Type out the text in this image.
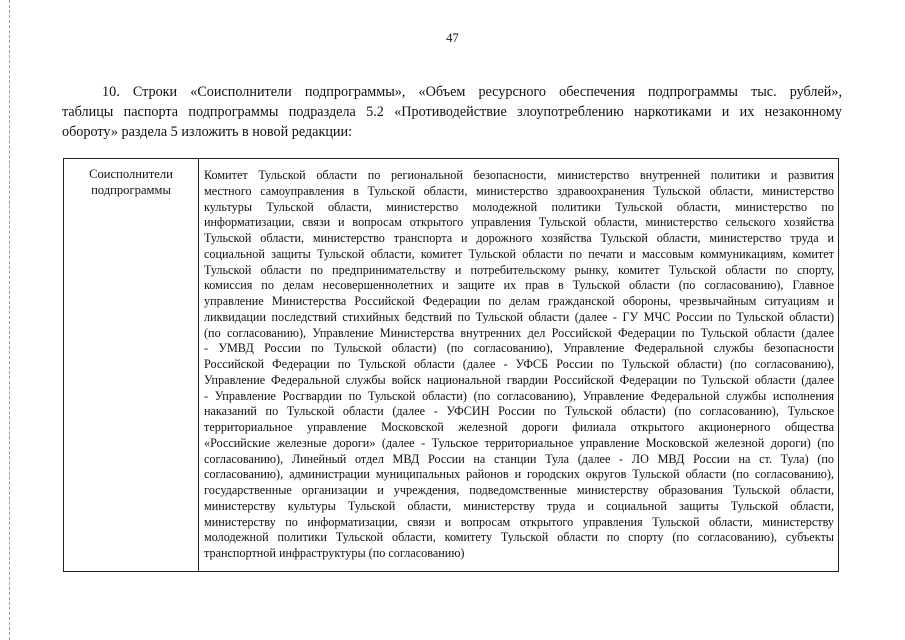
47
10. Строки «Соисполнители подпрограммы», «Объем ресурсного обеспечения подпрограммы тыс. рублей»,
таблицы паспорта подпрограммы подраздела 5.2 «Противодействие злоупотреблению наркотиками и их незаконному
обороту» раздела 5 изложить в новой редакции:
Соисполнители
подпрограммы
Комитет Тульской области по региональной безопасности, министерство внутренней политики и развития
местного самоуправления в Тульской области, министерство здравоохранения Тульской области, министерство
культуры Тульской области, министерство молодежной политики Тульской области, министерство по
информатизации, связи и вопросам открытого управления Тульской области, министерство сельского хозяйства
Тульской области, министерство транспорта и дорожного хозяйства Тульской области, министерство труда и
социальной защиты Тульской области, комитет Тульской области по печати и массовым коммуникациям, комитет
Тульской области по предпринимательству и потребительскому рынку, комитет Тульской области по спорту,
комиссия по делам несовершеннолетних и защите их прав в Тульской области (по согласованию), Главное
управление Министерства Российской Федерации по делам гражданской обороны, чрезвычайным ситуациям и
ликвидации последствий стихийных бедствий по Тульской области (далее - ГУ МЧС России по Тульской области)
(по согласованию), Управление Министерства внутренних дел Российской Федерации по Тульской области (далее
- УМВД России по Тульской области) (по согласованию), Управление Федеральной службы безопасности
Российской Федерации по Тульской области (далее - УФСБ России по Тульской области) (по согласованию),
Управление Федеральной службы войск национальной гвардии Российской Федерации по Тульской области (далее
- Управление Росгвардии по Тульской области) (по согласованию), Управление Федеральной службы исполнения
наказаний по Тульской области (далее - УФСИН России по Тульской области) (по согласованию), Тульское
территориальное управление Московской железной дороги филиала открытого акционерного общества
«Российские железные дороги» (далее - Тульское территориальное управление Московской железной дороги) (по
согласованию), Линейный отдел МВД России на станции Тула (далее - ЛО МВД России на ст. Тула) (по
согласованию), администрации муниципальных районов и городских округов Тульской области (по согласованию),
государственные организации и учреждения, подведомственные министерству образования Тульской области,
министерству культуры Тульской области, министерству труда и социальной защиты Тульской области,
министерству по информатизации, связи и вопросам открытого управления Тульской области, министерству
молодежной политики Тульской области, комитету Тульской области по спорту (по согласованию), субъекты
транспортной инфраструктуры (по согласованию)
